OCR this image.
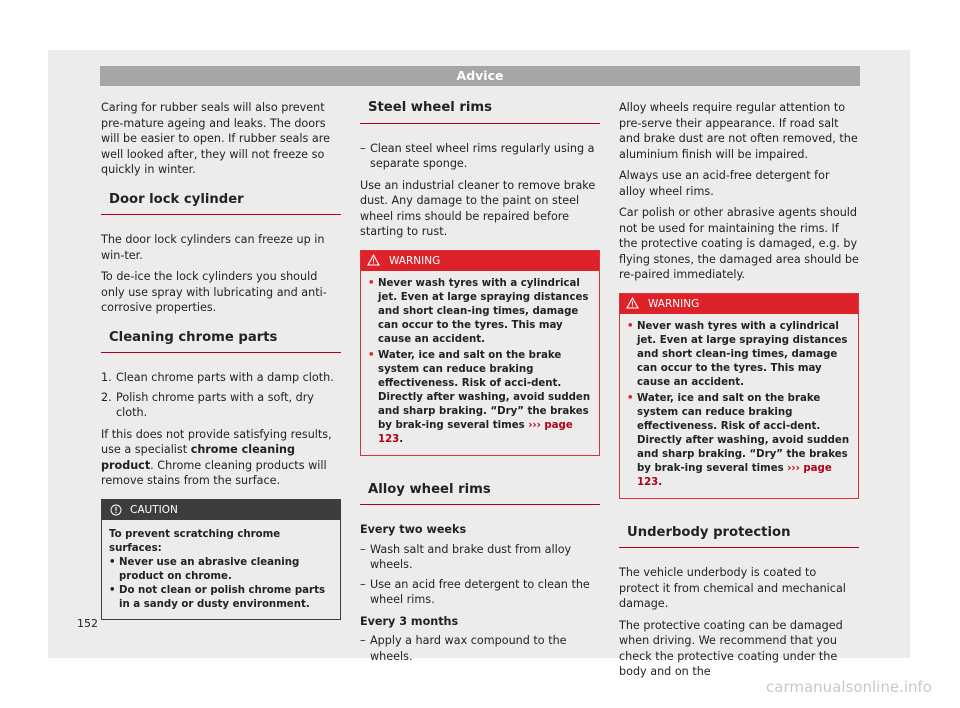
Advice

Caring for rubber seals will also prevent pre-mature ageing and leaks. The doors will be easier to open. If rubber seals are well looked after, they will not freeze so quickly in winter.

Door lock cylinder

The door lock cylinders can freeze up in win-ter.

To de-ice the lock cylinders you should only use spray with lubricating and anti-corrosive properties.

Cleaning chrome parts
1. Clean chrome parts with a damp cloth.
2. Polish chrome parts with a soft, dry cloth.

If this does not provide satisfying results, use a specialist chrome cleaning product. Chrome cleaning products will remove stains from the surface.

CAUTION
To prevent scratching chrome surfaces:
• Never use an abrasive cleaning product on chrome.
• Do not clean or polish chrome parts in a sandy or dusty environment.
Steel wheel rims
– Clean steel wheel rims regularly using a separate sponge.

Use an industrial cleaner to remove brake dust. Any damage to the paint on steel wheel rims should be repaired before starting to rust.

WARNING
• Never wash tyres with a cylindrical jet. Even at large spraying distances and short clean-ing times, damage can occur to the tyres. This may cause an accident.
• Water, ice and salt on the brake system can reduce braking effectiveness. Risk of acci-dent. Directly after washing, avoid sudden and sharp braking. “Dry” the brakes by brak-ing several times ››› page 123.
Alloy wheel rims

Every two weeks

– Wash salt and brake dust from alloy wheels.
– Use an acid free detergent to clean the wheel rims.

Every 3 months

– Apply a hard wax compound to the wheels.

Alloy wheels require regular attention to pre-serve their appearance. If road salt and brake dust are not often removed, the aluminium finish will be impaired.

Always use an acid-free detergent for alloy wheel rims.

Car polish or other abrasive agents should not be used for maintaining the rims. If the protective coating is damaged, e.g. by flying stones, the damaged area should be re-paired immediately.

WARNING
• Never wash tyres with a cylindrical jet. Even at large spraying distances and short clean-ing times, damage can occur to the tyres. This may cause an accident.
• Water, ice and salt on the brake system can reduce braking effectiveness. Risk of acci-dent. Directly after washing, avoid sudden and sharp braking. “Dry” the brakes by brak-ing several times ››› page 123.
Underbody protection

The vehicle underbody is coated to protect it from chemical and mechanical damage.

The protective coating can be damaged when driving. We recommend that you check the protective coating under the body and on the

152
carmanualsonline.info
